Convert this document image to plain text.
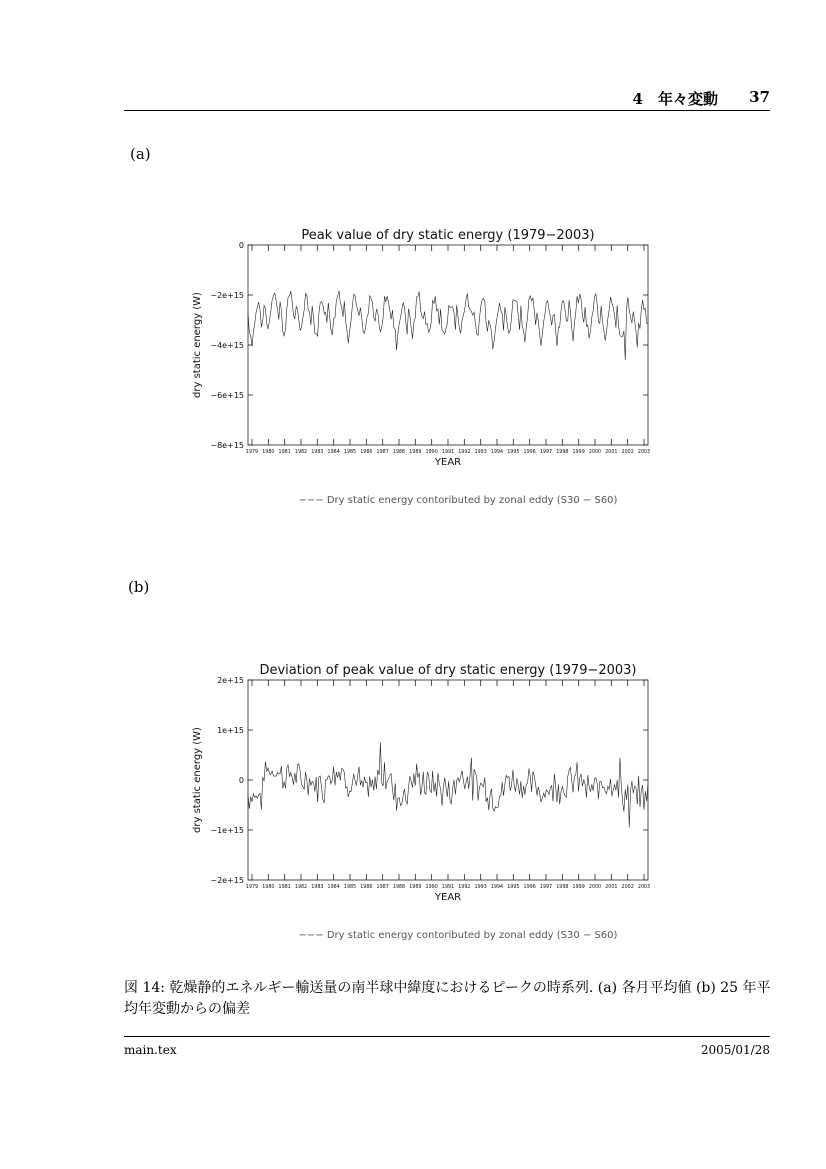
4　年々変動 37
(a)
Peak value of dry static energy (1979−2003)
0
−2e+15
−4e+15
−6e+15
−8e+15
1979 1980 1981 1982 1983 1984 1985 1986 1987 1988 1989 1990 1991 1992 1993 1994 1995 1996 1997 1998 1999 2000 2001 2002 2003
YEAR
dry static energy (W)
−−− Dry static energy contoributed by zonal eddy (S30 − S60)
(b)
Deviation of peak value of dry static energy (1979−2003)
2e+15
1e+15
0
−1e+15
−2e+15
1979 1980 1981 1982 1983 1984 1985 1986 1987 1988 1989 1990 1991 1992 1993 1994 1995 1996 1997 1998 1999 2000 2001 2002 2003
YEAR
dry static energy (W)
−−− Dry static energy contoributed by zonal eddy (S30 − S60)
図 14: 乾燥静的エネルギー輸送量の南半球中緯度におけるピークの時系列. (a) 各月平均値 (b) 25 年平均年変動からの偏差
main.tex	2005/01/28
